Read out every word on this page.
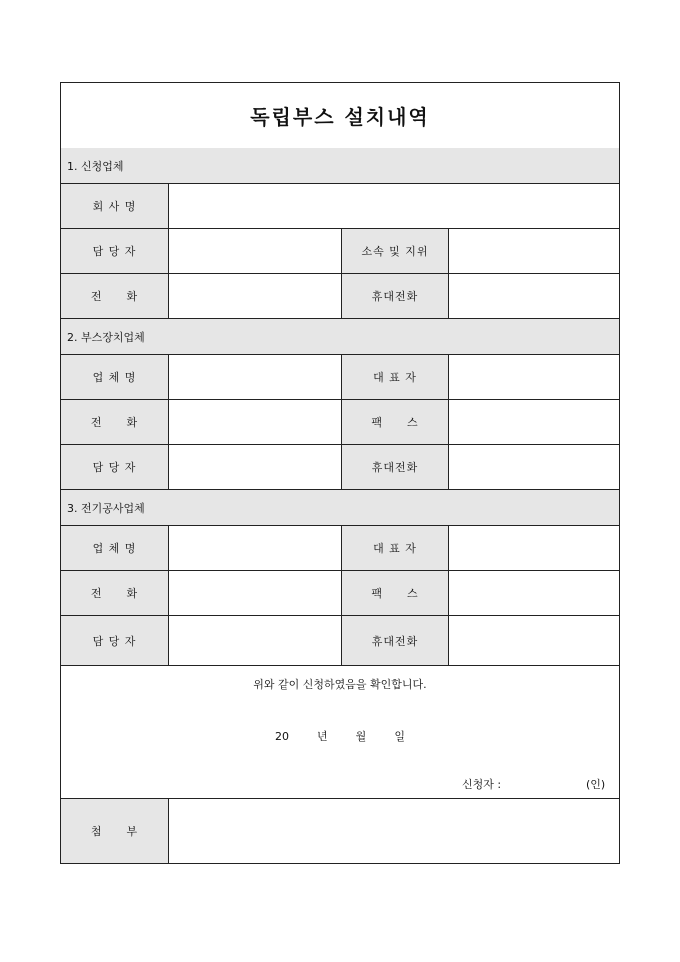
독립부스 설치내역
1. 신청업체
회 사 명
담 당 자	소속 및 지위
전　　화	휴대전화
2. 부스장치업체
업 체 명	대 표 자
전　　화	팩　　스
담 당 자	휴대전화
3. 전기공사업체
업 체 명	대 표 자
전　　화	팩　　스
담 당 자	휴대전화
위와 같이 신청하였음을 확인합니다.
20	년	월	일
신청자 :	(인)
첨　　부
